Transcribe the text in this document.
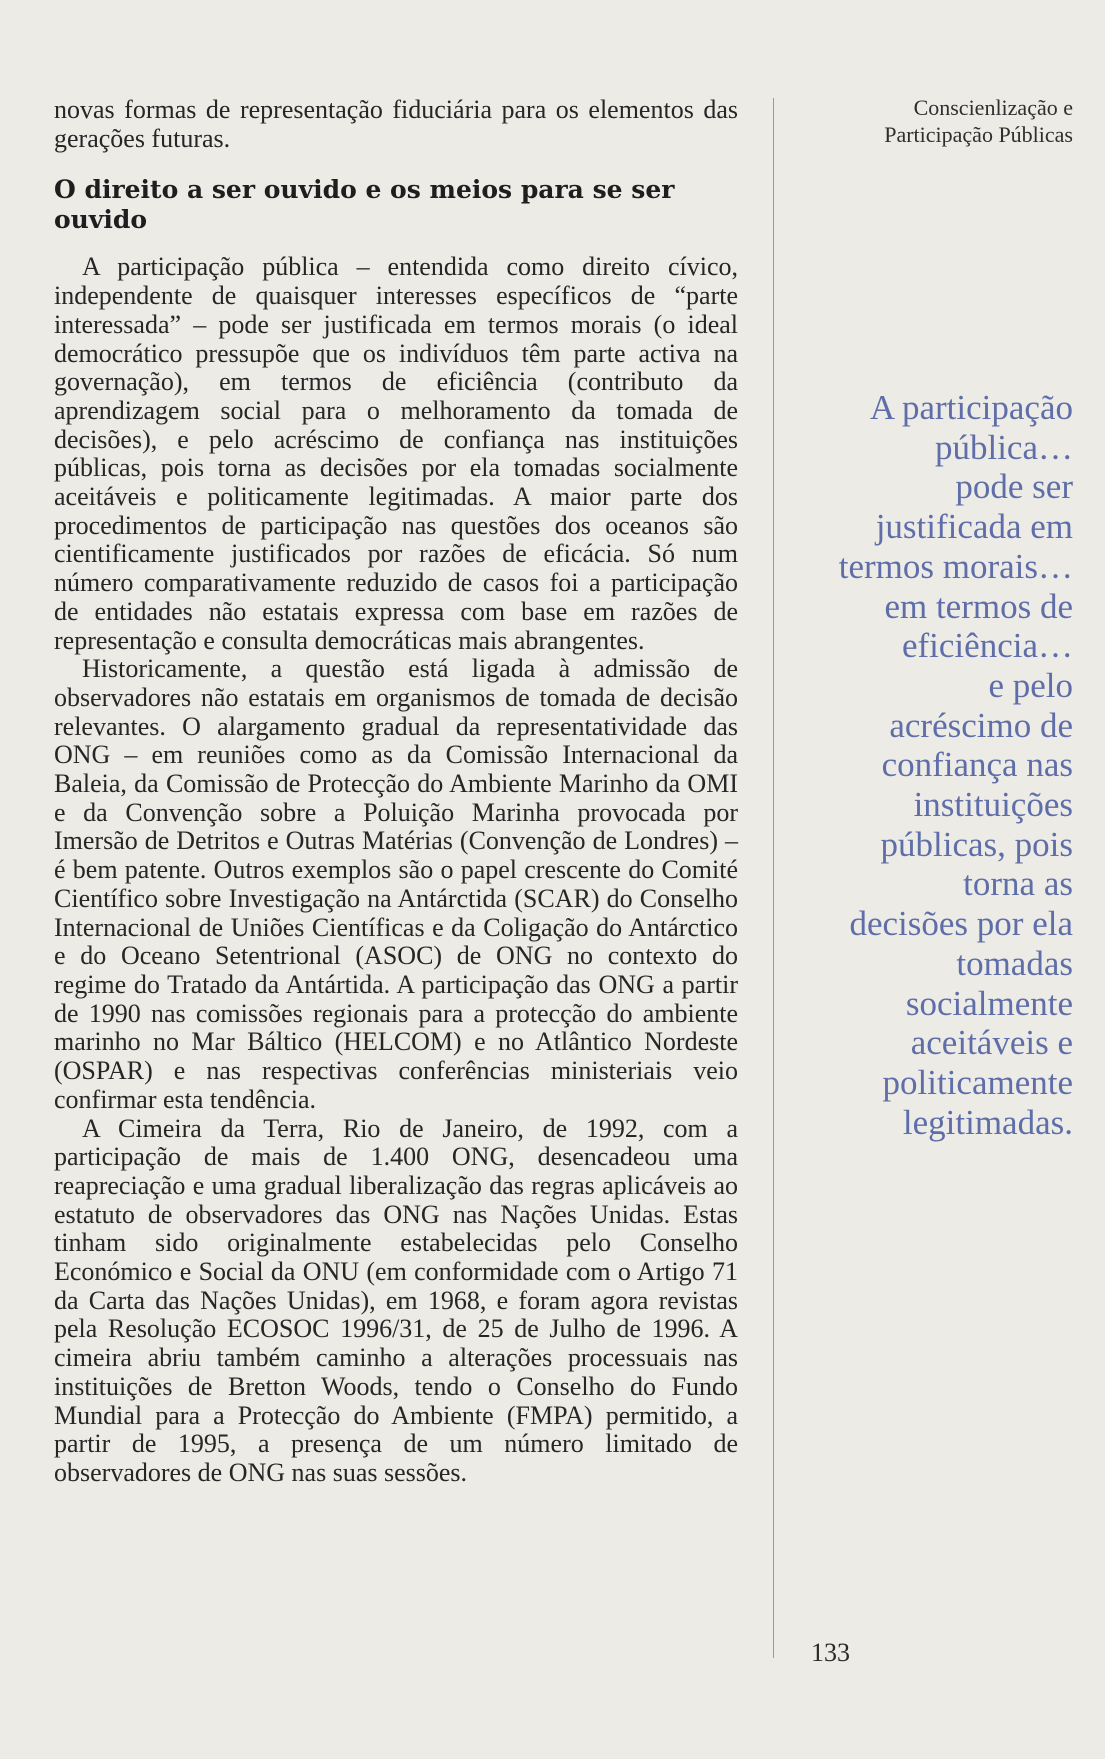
novas formas de representação fiduciária para os elementos das gerações futuras.

O direito a ser ouvido e os meios para se ser ouvido

A participação pública – entendida como direito cívico, independente de quaisquer interesses específicos de “parte interessada” – pode ser justificada em termos morais (o ideal democrático pressupõe que os indivíduos têm parte activa na governação), em termos de eficiência (contributo da aprendizagem social para o melhoramento da tomada de decisões), e pelo acréscimo de confiança nas instituições públicas, pois torna as decisões por ela tomadas socialmente aceitáveis e politicamente legitimadas. A maior parte dos procedimentos de participação nas questões dos oceanos são cientificamente justificados por razões de eficácia. Só num número comparativamente reduzido de casos foi a participação de entidades não estatais expressa com base em razões de representação e consulta democráticas mais abrangentes.

Historicamente, a questão está ligada à admissão de observadores não estatais em organismos de tomada de decisão relevantes. O alargamento gradual da representatividade das ONG – em reuniões como as da Comissão Internacional da Baleia, da Comissão de Protecção do Ambiente Marinho da OMI e da Convenção sobre a Poluição Marinha provocada por Imersão de Detritos e Outras Matérias (Convenção de Londres) – é bem patente. Outros exemplos são o papel crescente do Comité Científico sobre Investigação na Antárctida (SCAR) do Conselho Internacional de Uniões Científicas e da Coligação do Antárctico e do Oceano Setentrional (ASOC) de ONG no contexto do regime do Tratado da Antártida. A participação das ONG a partir de 1990 nas comissões regionais para a protecção do ambiente marinho no Mar Báltico (HELCOM) e no Atlântico Nordeste (OSPAR) e nas respectivas conferências ministeriais veio confirmar esta tendência.

A Cimeira da Terra, Rio de Janeiro, de 1992, com a participação de mais de 1.400 ONG, desencadeou uma reapreciação e uma gradual liberalização das regras aplicáveis ao estatuto de observadores das ONG nas Nações Unidas. Estas tinham sido originalmente estabelecidas pelo Conselho Económico e Social da ONU (em conformidade com o Artigo 71 da Carta das Nações Unidas), em 1968, e foram agora revistas pela Resolução ECOSOC 1996/31, de 25 de Julho de 1996. A cimeira abriu também caminho a alterações processuais nas instituições de Bretton Woods, tendo o Conselho do Fundo Mundial para a Protecção do Ambiente (FMPA) permitido, a partir de 1995, a presença de um número limitado de observadores de ONG nas suas sessões.

Conscienlização e
Participação Públicas
A participação
pública…
pode ser
justificada em
termos morais…
em termos de
eficiência…
e pelo
acréscimo de
confiança nas
instituições
públicas, pois
torna as
decisões por ela
tomadas
socialmente
aceitáveis e
politicamente
legitimadas.
133
